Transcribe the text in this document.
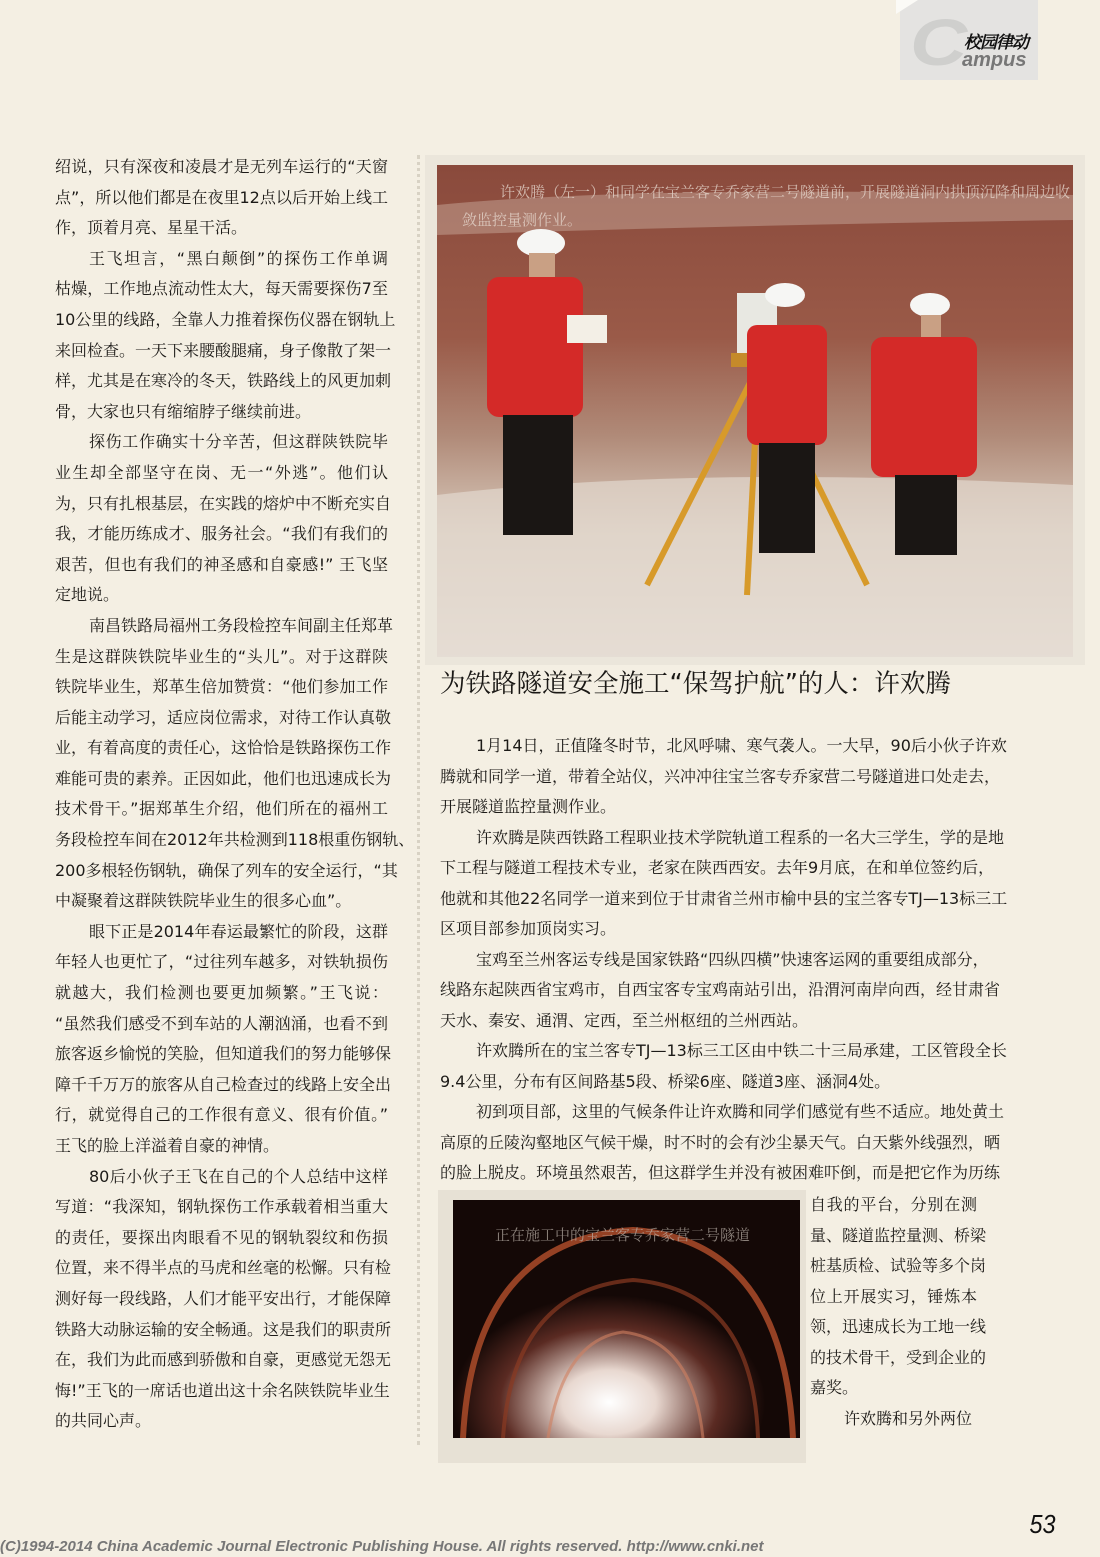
C 校园律动
ampus
绍说，只有深夜和凌晨才是无列车运行的“天窗
点”，所以他们都是在夜里12点以后开始上线工
作，顶着月亮、星星干活。
王飞坦言，“黑白颠倒”的探伤工作单调
枯燥，工作地点流动性太大，每天需要探伤7至
10公里的线路，全靠人力推着探伤仪器在钢轨上
来回检查。一天下来腰酸腿痛，身子像散了架一
样，尤其是在寒冷的冬天，铁路线上的风更加刺
骨，大家也只有缩缩脖子继续前进。
探伤工作确实十分辛苦，但这群陕铁院毕
业生却全部坚守在岗、无一“外逃”。他们认
为，只有扎根基层，在实践的熔炉中不断充实自
我，才能历练成才、服务社会。“我们有我们的
艰苦，但也有我们的神圣感和自豪感!” 王飞坚
定地说。
南昌铁路局福州工务段检控车间副主任郑革
生是这群陕铁院毕业生的“头儿”。对于这群陕
铁院毕业生，郑革生倍加赞赏：“他们参加工作
后能主动学习，适应岗位需求，对待工作认真敬
业，有着高度的责任心，这恰恰是铁路探伤工作
难能可贵的素养。正因如此，他们也迅速成长为
技术骨干。”据郑革生介绍，他们所在的福州工
务段检控车间在2012年共检测到118根重伤钢轨、
200多根轻伤钢轨，确保了列车的安全运行，“其
中凝聚着这群陕铁院毕业生的很多心血”。
眼下正是2014年春运最繁忙的阶段，这群
年轻人也更忙了，“过往列车越多，对铁轨损伤
就越大，我们检测也要更加频繁。”王飞说：
“虽然我们感受不到车站的人潮汹涌，也看不到
旅客返乡愉悦的笑脸，但知道我们的努力能够保
障千千万万的旅客从自己检查过的线路上安全出
行，就觉得自己的工作很有意义、很有价值。”
王飞的脸上洋溢着自豪的神情。
80后小伙子王飞在自己的个人总结中这样
写道：“我深知，钢轨探伤工作承载着相当重大
的责任，要探出肉眼看不见的钢轨裂纹和伤损
位置，来不得半点的马虎和丝毫的松懈。只有检
测好每一段线路，人们才能平安出行，才能保障
铁路大动脉运输的安全畅通。这是我们的职责所
在，我们为此而感到骄傲和自豪，更感觉无怨无
悔!”王飞的一席话也道出这十余名陕铁院毕业生
的共同心声。
许欢腾（左一）和同学在宝兰客专乔家营二号隧道前，开展隧道洞内拱顶沉降和周边收敛监控量测作业。
为铁路隧道安全施工“保驾护航”的人：许欢腾
1月14日，正值隆冬时节，北风呼啸、寒气袭人。一大早，90后小伙子许欢
腾就和同学一道，带着全站仪，兴冲冲往宝兰客专乔家营二号隧道进口处走去，
开展隧道监控量测作业。
许欢腾是陕西铁路工程职业技术学院轨道工程系的一名大三学生，学的是地
下工程与隧道工程技术专业，老家在陕西西安。去年9月底，在和单位签约后，
他就和其他22名同学一道来到位于甘肃省兰州市榆中县的宝兰客专TJ—13标三工
区项目部参加顶岗实习。
宝鸡至兰州客运专线是国家铁路“四纵四横”快速客运网的重要组成部分，
线路东起陕西省宝鸡市，自西宝客专宝鸡南站引出，沿渭河南岸向西，经甘肃省
天水、秦安、通渭、定西，至兰州枢纽的兰州西站。
许欢腾所在的宝兰客专TJ—13标三工区由中铁二十三局承建，工区管段全长
9.4公里，分布有区间路基5段、桥梁6座、隧道3座、涵洞4处。
初到项目部，这里的气候条件让许欢腾和同学们感觉有些不适应。地处黄土
高原的丘陵沟壑地区气候干燥，时不时的会有沙尘暴天气。白天紫外线强烈，晒
的脸上脱皮。环境虽然艰苦，但这群学生并没有被困难吓倒，而是把它作为历练
正在施工中的宝兰客专乔家营二号隧道
自我的平台，分别在测
量、隧道监控量测、桥梁
桩基质检、试验等多个岗
位上开展实习，锤炼本
领，迅速成长为工地一线
的技术骨干，受到企业的
嘉奖。
许欢腾和另外两位
53
(C)1994-2014 China Academic Journal Electronic Publishing House. All rights reserved. http://www.cnki.net
